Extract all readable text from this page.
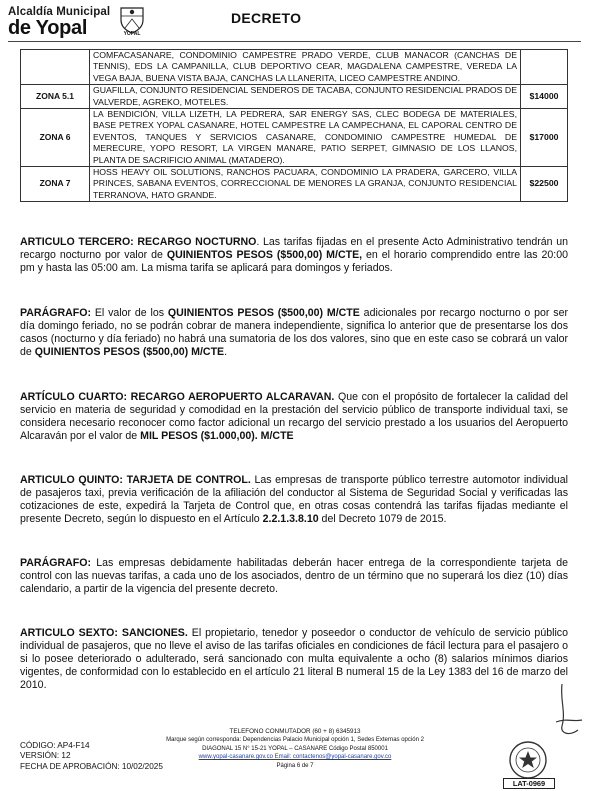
Alcaldía Municipal
de Yopal	YOPAL
DECRETO
	COMFACASANARE, CONDOMINIO CAMPESTRE PRADO VERDE, CLUB MANACOR (CANCHAS DE TENNIS), EDS LA CAMPANILLA, CLUB DEPORTIVO CEAR, MAGDALENA CAMPESTRE, VEREDA LA VEGA BAJA, BUENA VISTA BAJA, CANCHAS LA LLANERITA, LICEO CAMPESTRE ANDINO.	
ZONA 5.1	GUAFILLA, CONJUNTO RESIDENCIAL SENDEROS DE TACABA, CONJUNTO RESIDENCIAL PRADOS DE VALVERDE, AGREKO, MOTELES.	$14000
ZONA 6	LA BENDICIÓN, VILLA LIZETH, LA PEDRERA, SAR ENERGY SAS, CLEC BODEGA DE MATERIALES, BASE PETREX YOPAL CASANARE, HOTEL CAMPESTRE LA CAMPECHANA, EL CAPORAL CENTRO DE EVENTOS, TANQUES Y SERVICIOS CASANARE, CONDOMINIO CAMPESTRE HUMEDAL DE MERECURE, YOPO RESORT, LA VIRGEN MANARE, PATIO SERPET, GIMNASIO DE LOS LLANOS, PLANTA DE SACRIFICIO ANIMAL (MATADERO).	$17000
ZONA 7	HOSS HEAVY OIL SOLUTIONS, RANCHOS PACUARA, CONDOMINIO LA PRADERA, GARCERO, VILLA PRINCES, SABANA EVENTOS, CORRECCIONAL DE MENORES LA GRANJA, CONJUNTO RESIDENCIAL TERRANOVA, HATO GRANDE.	$22500

ARTICULO TERCERO: RECARGO NOCTURNO. Las tarifas fijadas en el presente Acto Administrativo tendrán un recargo nocturno por valor de QUINIENTOS PESOS ($500,00) M/CTE, en el horario comprendido entre las 20:00 pm y hasta las 05:00 am. La misma tarifa se aplicará para domingos y feriados.

PARÁGRAFO: El valor de los QUINIENTOS PESOS ($500,00) M/CTE adicionales por recargo nocturno o por ser día domingo feriado, no se podrán cobrar de manera independiente, significa lo anterior que de presentarse los dos casos (nocturno y día feriado) no habrá una sumatoria de los dos valores, sino que en este caso se cobrará un valor de QUINIENTOS PESOS ($500,00) M/CTE.

ARTÍCULO CUARTO: RECARGO AEROPUERTO ALCARAVAN. Que con el propósito de fortalecer la calidad del servicio en materia de seguridad y comodidad en la prestación del servicio público de transporte individual taxi, se considera necesario reconocer como factor adicional un recargo del servicio prestado a los usuarios del Aeropuerto Alcaraván por el valor de MIL PESOS ($1.000,00). M/CTE

ARTICULO QUINTO: TARJETA DE CONTROL. Las empresas de transporte público terrestre automotor individual de pasajeros taxi, previa verificación de la afiliación del conductor al Sistema de Seguridad Social y verificadas las cotizaciones de este, expedirá la Tarjeta de Control que, en otras cosas contendrá las tarifas fijadas mediante el presente Decreto, según lo dispuesto en el Artículo 2.2.1.3.8.10 del Decreto 1079 de 2015.

PARÁGRAFO: Las empresas debidamente habilitadas deberán hacer entrega de la correspondiente tarjeta de control con las nuevas tarifas, a cada uno de los asociados, dentro de un término que no superará los diez (10) días calendario, a partir de la vigencia del presente decreto.

ARTICULO SEXTO: SANCIONES. El propietario, tenedor y poseedor o conductor de vehículo de servicio público individual de pasajeros, que no lleve el aviso de las tarifas oficiales en condiciones de fácil lectura para el pasajero o si lo posee deteriorado o adulterado, será sancionado con multa equivalente a ocho (8) salarios mínimos diarios vigentes, de conformidad con lo establecido en el artículo 21 literal B numeral 15 de la Ley 1383 del 16 de marzo del 2010.

CÓDIGO: AP4-F14
VERSIÓN: 12
FECHA DE APROBACIÓN: 10/02/2025
TELEFONO CONMUTADOR (60 + 8) 6345913
Marque según corresponda: Dependencias Palacio Municipal opción 1, Sedes Externas opción 2
DIAGONAL 15 N° 15-21 YOPAL – CASANARE Código Postal 850001
www.yopal-casanare.gov.co Email: contactenos@yopal-casanare.gov.co
Página 6 de 7
LAT-0969
